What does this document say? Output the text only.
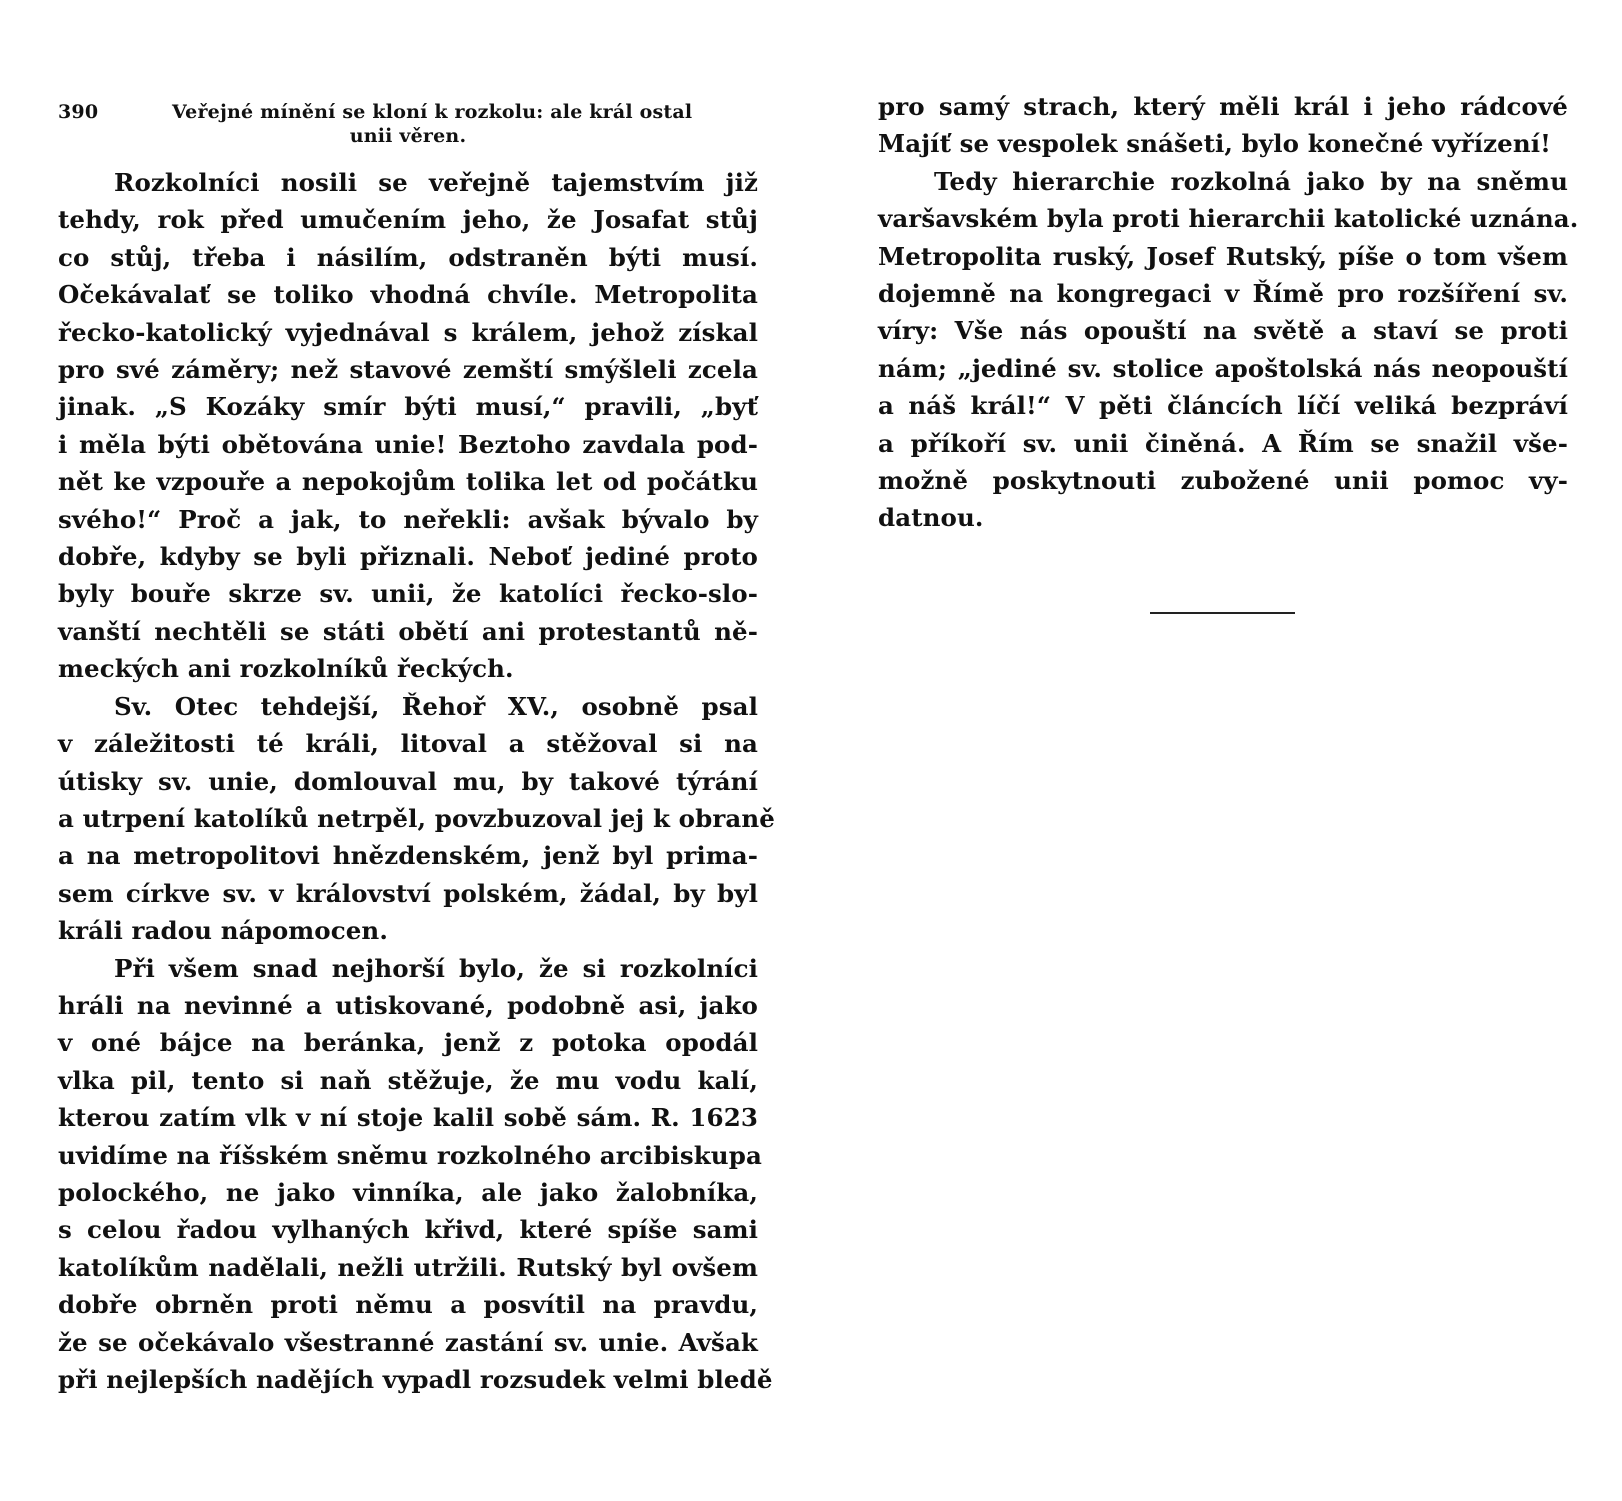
390	Veřejné mínění se kloní k rozkolu: ale král ostal
unii věren.
Rozkolníci nosili se veřejně tajemstvím již
tehdy, rok před umučením jeho, že Josafat stůj
co stůj, třeba i násilím, odstraněn býti musí.
Očekávalať se toliko vhodná chvíle. Metropolita
řecko-katolický vyjednával s králem, jehož získal
pro své záměry; než stavové zemští smýšleli zcela
jinak. „S Kozáky smír býti musí,“ pravili, „byť
i měla býti obětována unie! Beztoho zavdala pod-
nět ke vzpouře a nepokojům tolika let od počátku
svého!“ Proč a jak, to neřekli: avšak bývalo by
dobře, kdyby se byli přiznali. Neboť jediné proto
byly bouře skrze sv. unii, že katolíci řecko-slo-
vanští nechtěli se státi obětí ani protestantů ně-
meckých ani rozkolníků řeckých.
Sv. Otec tehdejší, Řehoř XV., osobně psal
v záležitosti té králi, litoval a stěžoval si na
útisky sv. unie, domlouval mu, by takové týrání
a utrpení katolíků netrpěl, povzbuzoval jej k obraně
a na metropolitovi hnězdenském, jenž byl prima-
sem církve sv. v království polském, žádal, by byl
králi radou nápomocen.
Při všem snad nejhorší bylo, že si rozkolníci
hráli na nevinné a utiskované, podobně asi, jako
v oné bájce na beránka, jenž z potoka opodál
vlka pil, tento si naň stěžuje, že mu vodu kalí,
kterou zatím vlk v ní stoje kalil sobě sám. R. 1623
uvidíme na říšském sněmu rozkolného arcibiskupa
polockého, ne jako vinníka, ale jako žalobníka,
s celou řadou vylhaných křivd, které spíše sami
katolíkům nadělali, nežli utržili. Rutský byl ovšem
dobře obrněn proti němu a posvítil na pravdu,
že se očekávalo všestranné zastání sv. unie. Avšak
při nejlepších nadějích vypadl rozsudek velmi bledě
pro samý strach, který měli král i jeho rádcové
Majíť se vespolek snášeti, bylo konečné vyřízení!
Tedy hierarchie rozkolná jako by na sněmu
varšavském byla proti hierarchii katolické uznána.
Metropolita ruský, Josef Rutský, píše o tom všem
dojemně na kongregaci v Římě pro rozšíření sv.
víry: Vše nás opouští na světě a staví se proti
nám; „jediné sv. stolice apoštolská nás neopouští
a náš král!“ V pěti článcích líčí veliká bezpráví
a příkoří sv. unii činěná. A Řím se snažil vše-
možně poskytnouti zubožené unii pomoc vy-
datnou.
